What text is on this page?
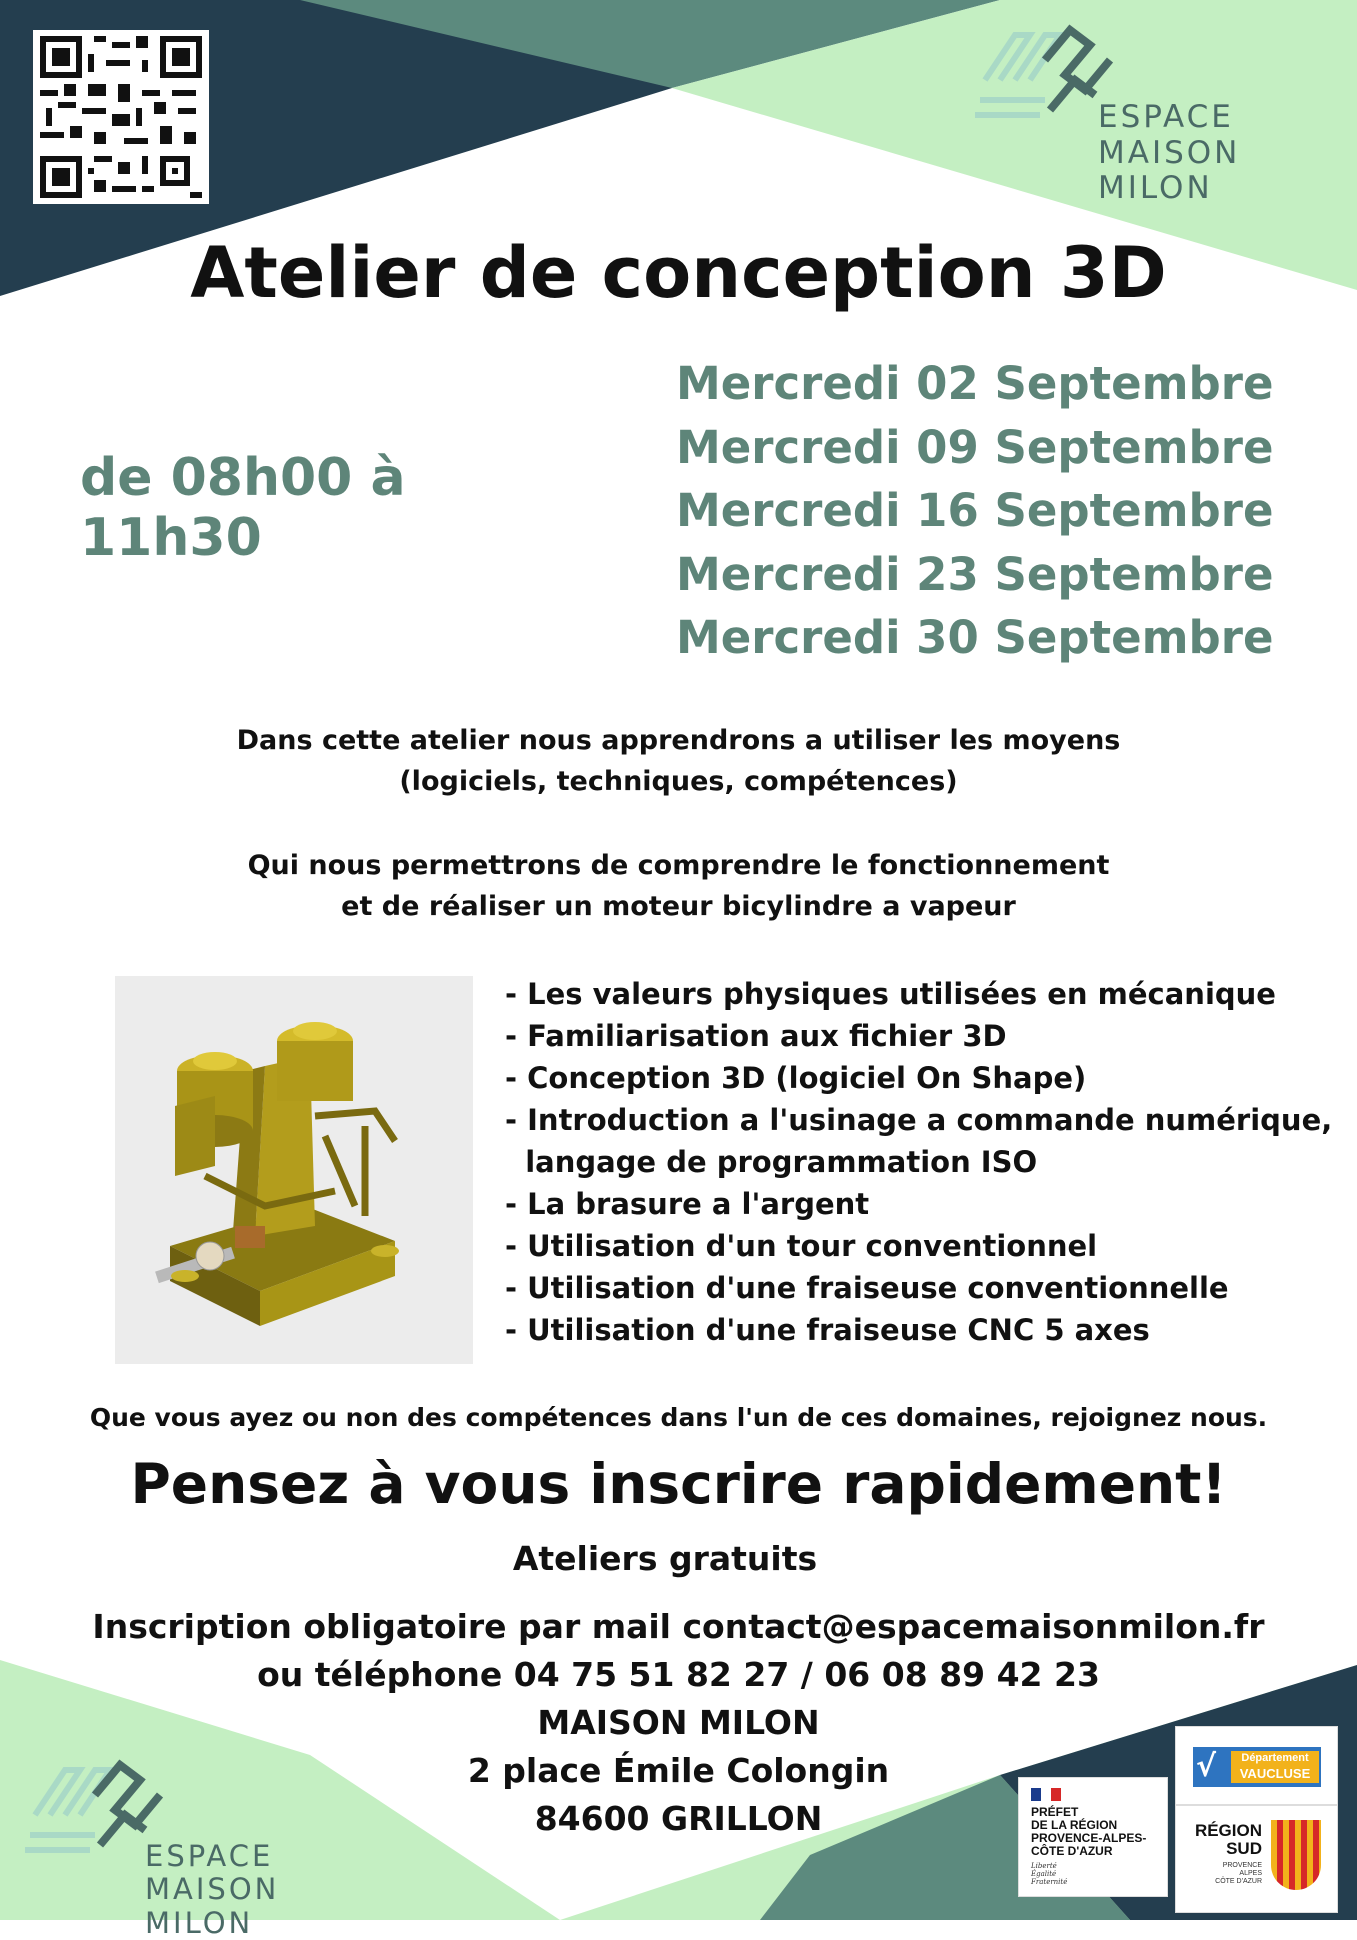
ESPACE
MAISON MILON
Atelier de conception 3D
de 08h00 à 11h30
Mercredi 02 Septembre
Mercredi 09 Septembre
Mercredi 16 Septembre
Mercredi 23 Septembre
Mercredi 30 Septembre
Dans cette atelier nous apprendrons a utiliser les moyens
(logiciels, techniques, compétences)
Qui nous permettrons de comprendre le fonctionnement
et de réaliser un moteur bicylindre a vapeur
- Les valeurs physiques utilisées en mécanique
- Familiarisation aux fichier 3D
- Conception 3D (logiciel On Shape)
- Introduction a l'usinage a commande numérique,
langage de programmation ISO
- La brasure a l'argent
- Utilisation d'un tour conventionnel
- Utilisation d'une fraiseuse conventionnelle
- Utilisation d'une fraiseuse CNC 5 axes
Que vous ayez ou non des compétences dans l'un de ces domaines, rejoignez nous.
Pensez à vous inscrire rapidement!
Ateliers gratuits
Inscription obligatoire par mail contact@espacemaisonmilon.fr
ou téléphone 04 75 51 82 27 / 06 08 89 42 23
MAISON MILON
2 place Émile Colongin
84600 GRILLON
ESPACE
MAISON MILON
PRÉFET
DE LA RÉGION
PROVENCE-ALPES-
CÔTE D'AZUR
Liberté
Égalité
Fraternité
√	Département
VAUCLUSE
RÉGION
SUD
PROVENCE
ALPES
CÔTE D'AZUR
